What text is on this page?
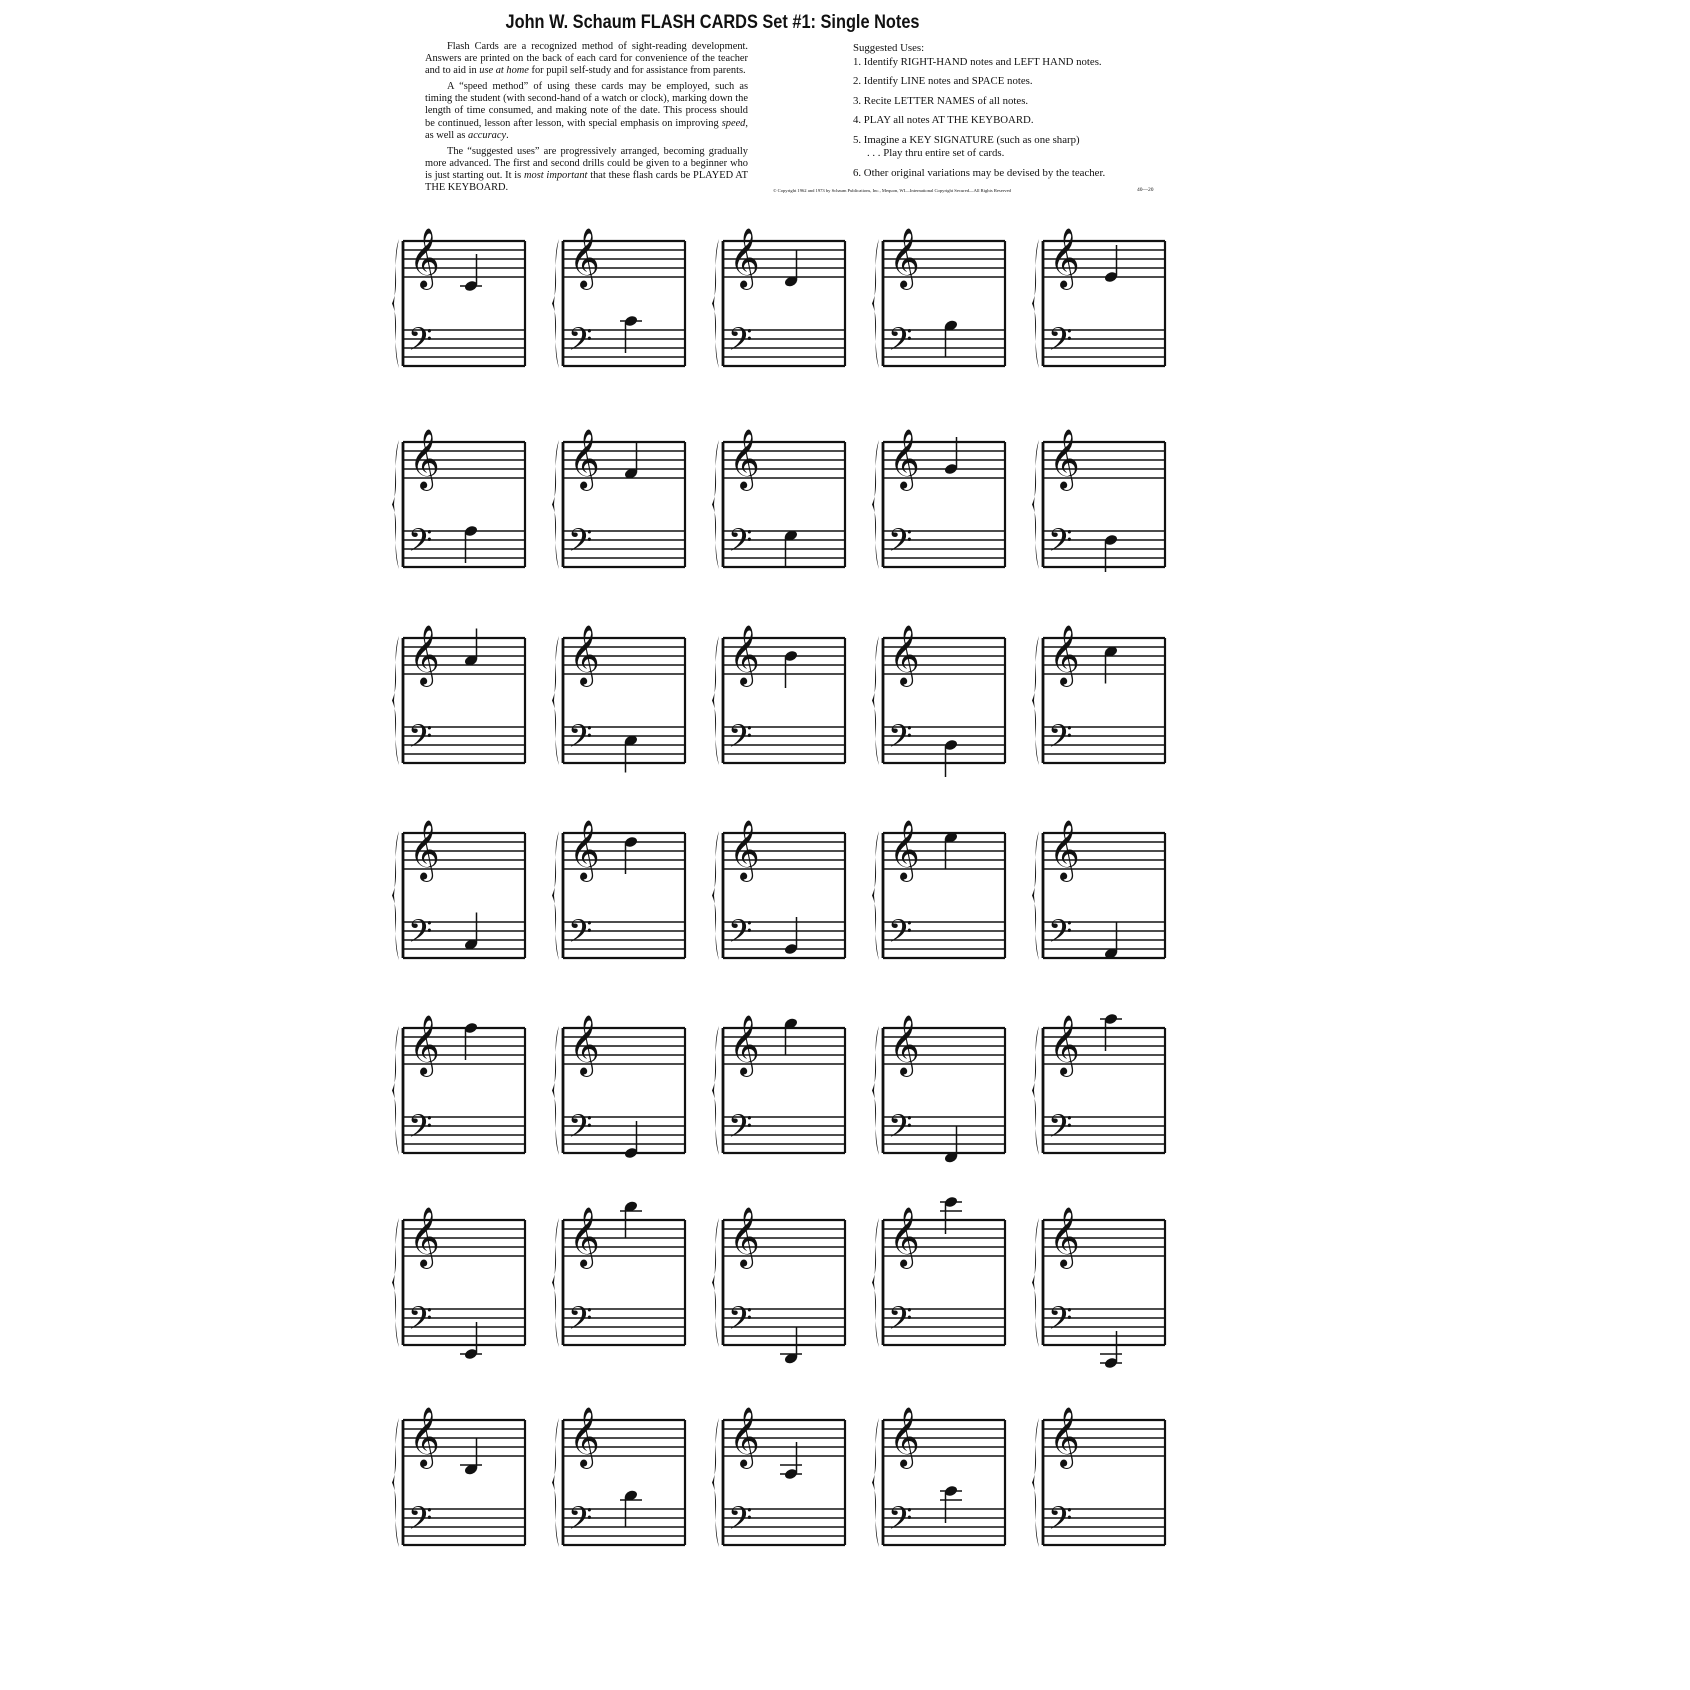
John W. Schaum FLASH CARDS Set #1: Single Notes

Flash Cards are a recognized method of sight-reading development. Answers are printed on the back of each card for convenience of the teacher and to aid in use at home for pupil self-study and for assistance from parents.

A “speed method” of using these cards may be employed, such as timing the student (with second-hand of a watch or clock), marking down the length of time consumed, and making note of the date. This process should be continued, lesson after lesson, with special emphasis on improving speed, as well as accuracy.

The “suggested uses” are progressively arranged, becoming gradually more advanced. The first and second drills could be given to a beginner who is just starting out. It is most important that these flash cards be PLAYED AT THE KEYBOARD.

Suggested Uses:
1. Identify RIGHT-HAND notes and LEFT HAND notes.
2. Identify LINE notes and SPACE notes.
3. Recite LETTER NAMES of all notes.
4. PLAY all notes AT THE KEYBOARD.
5. Imagine a KEY SIGNATURE (such as one sharp)
. . . Play thru entire set of cards.
6. Other original variations may be devised by the teacher.
© Copyright 1962 and 1973 by Schaum Publications, Inc., Mequon, WI—International Copyright Secured—All Rights Reserved	40—20
𝄞
𝄢
𝄞
𝄢
𝄞
𝄢
𝄞
𝄢
𝄞
𝄢
𝄞
𝄢
𝄞
𝄢
𝄞
𝄢
𝄞
𝄢
𝄞
𝄢
𝄞
𝄢
𝄞
𝄢
𝄞
𝄢
𝄞
𝄢
𝄞
𝄢
𝄞
𝄢
𝄞
𝄢
𝄞
𝄢
𝄞
𝄢
𝄞
𝄢
𝄞
𝄢
𝄞
𝄢
𝄞
𝄢
𝄞
𝄢
𝄞
𝄢
𝄞
𝄢
𝄞
𝄢
𝄞
𝄢
𝄞
𝄢
𝄞
𝄢
𝄞
𝄢
𝄞
𝄢
𝄞
𝄢
𝄞
𝄢
𝄞
𝄢
